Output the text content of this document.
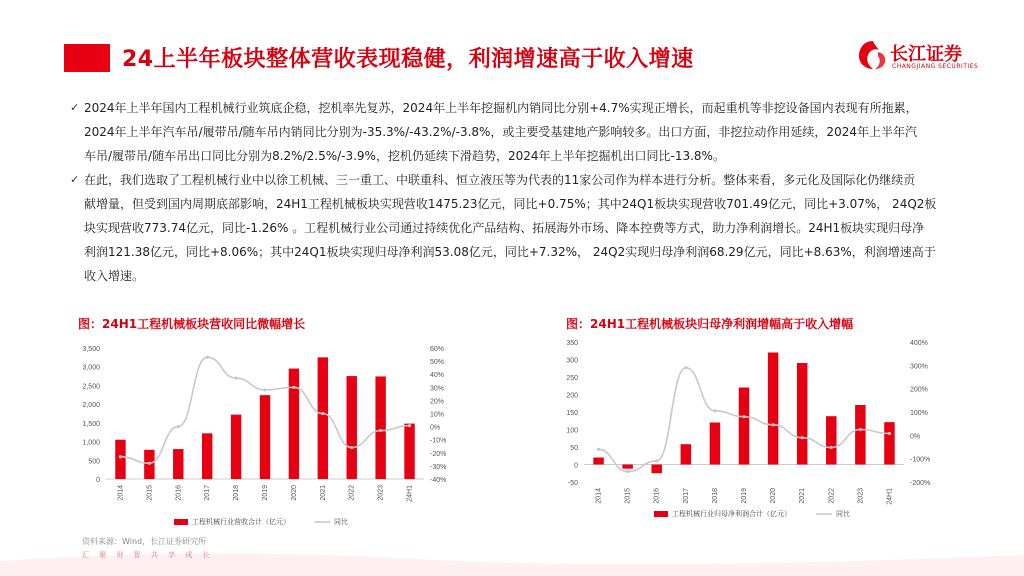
24上半年板块整体营收表现稳健，利润增速高于收入增速	长江证券
CHANGJIANG SECURITIES
✓ 2024年上半年国内工程机械行业筑底企稳，挖机率先复苏，2024年上半年挖掘机内销同比分别+4.7%实现正增长，而起重机等非挖设备国内表现有所拖累，
2024年上半年汽车吊/履带吊/随车吊内销同比分别为-35.3%/-43.2%/-3.8%，或主要受基建地产影响较多。出口方面，非挖拉动作用延续，2024年上半年汽
车吊/履带吊/随车吊出口同比分别为8.2%/2.5%/-3.9%，挖机仍延续下滑趋势，2024年上半年挖掘机出口同比-13.8%。
✓ 在此，我们选取了工程机械行业中以徐工机械、三一重工、中联重科、恒立液压等为代表的11家公司作为样本进行分析。整体来看，多元化及国际化仍继续贡
献增量，但受到国内周期底部影响，24H1工程机械板块实现营收1475.23亿元，同比+0.75%；其中24Q1板块实现营收701.49亿元，同比+3.07%， 24Q2板
块实现营收773.74亿元，同比-1.26% 。工程机械行业公司通过持续优化产品结构、拓展海外市场、降本控费等方式，助力净利润增长。24H1板块实现归母净
利润121.38亿元，同比+8.06%；其中24Q1板块实现归母净利润53.08亿元，同比+7.32%， 24Q2实现归母净利润68.29亿元，同比+8.63%，利润增速高于
收入增速。
图：24H1工程机械板块营收同比微幅增长
0
500
1,000
1,500
2,000
2,500
3,000
3,500
-40%
-30%
-20%
-10%
0%
10%
20%
30%
40%
50%
60%
2014	2015	2016	2017	2018	2019	2020	2021	2022	2023	24H1
工程机械行业营收合计（亿元）	同比
图：24H1工程机械板块归母净利润增幅高于收入增幅
-50
0
50
100
150
200
250
300
350
-200%
-100%
0%
100%
200%
300%
400%
2014	2015	2016	2017	2018	2019	2020	2021	2022	2023	24H1
工程机械行业归母净利润合计（亿元）	同比
资料来源：Wind，长江证券研究所
汇 聚 财 智 共 享 成 长
